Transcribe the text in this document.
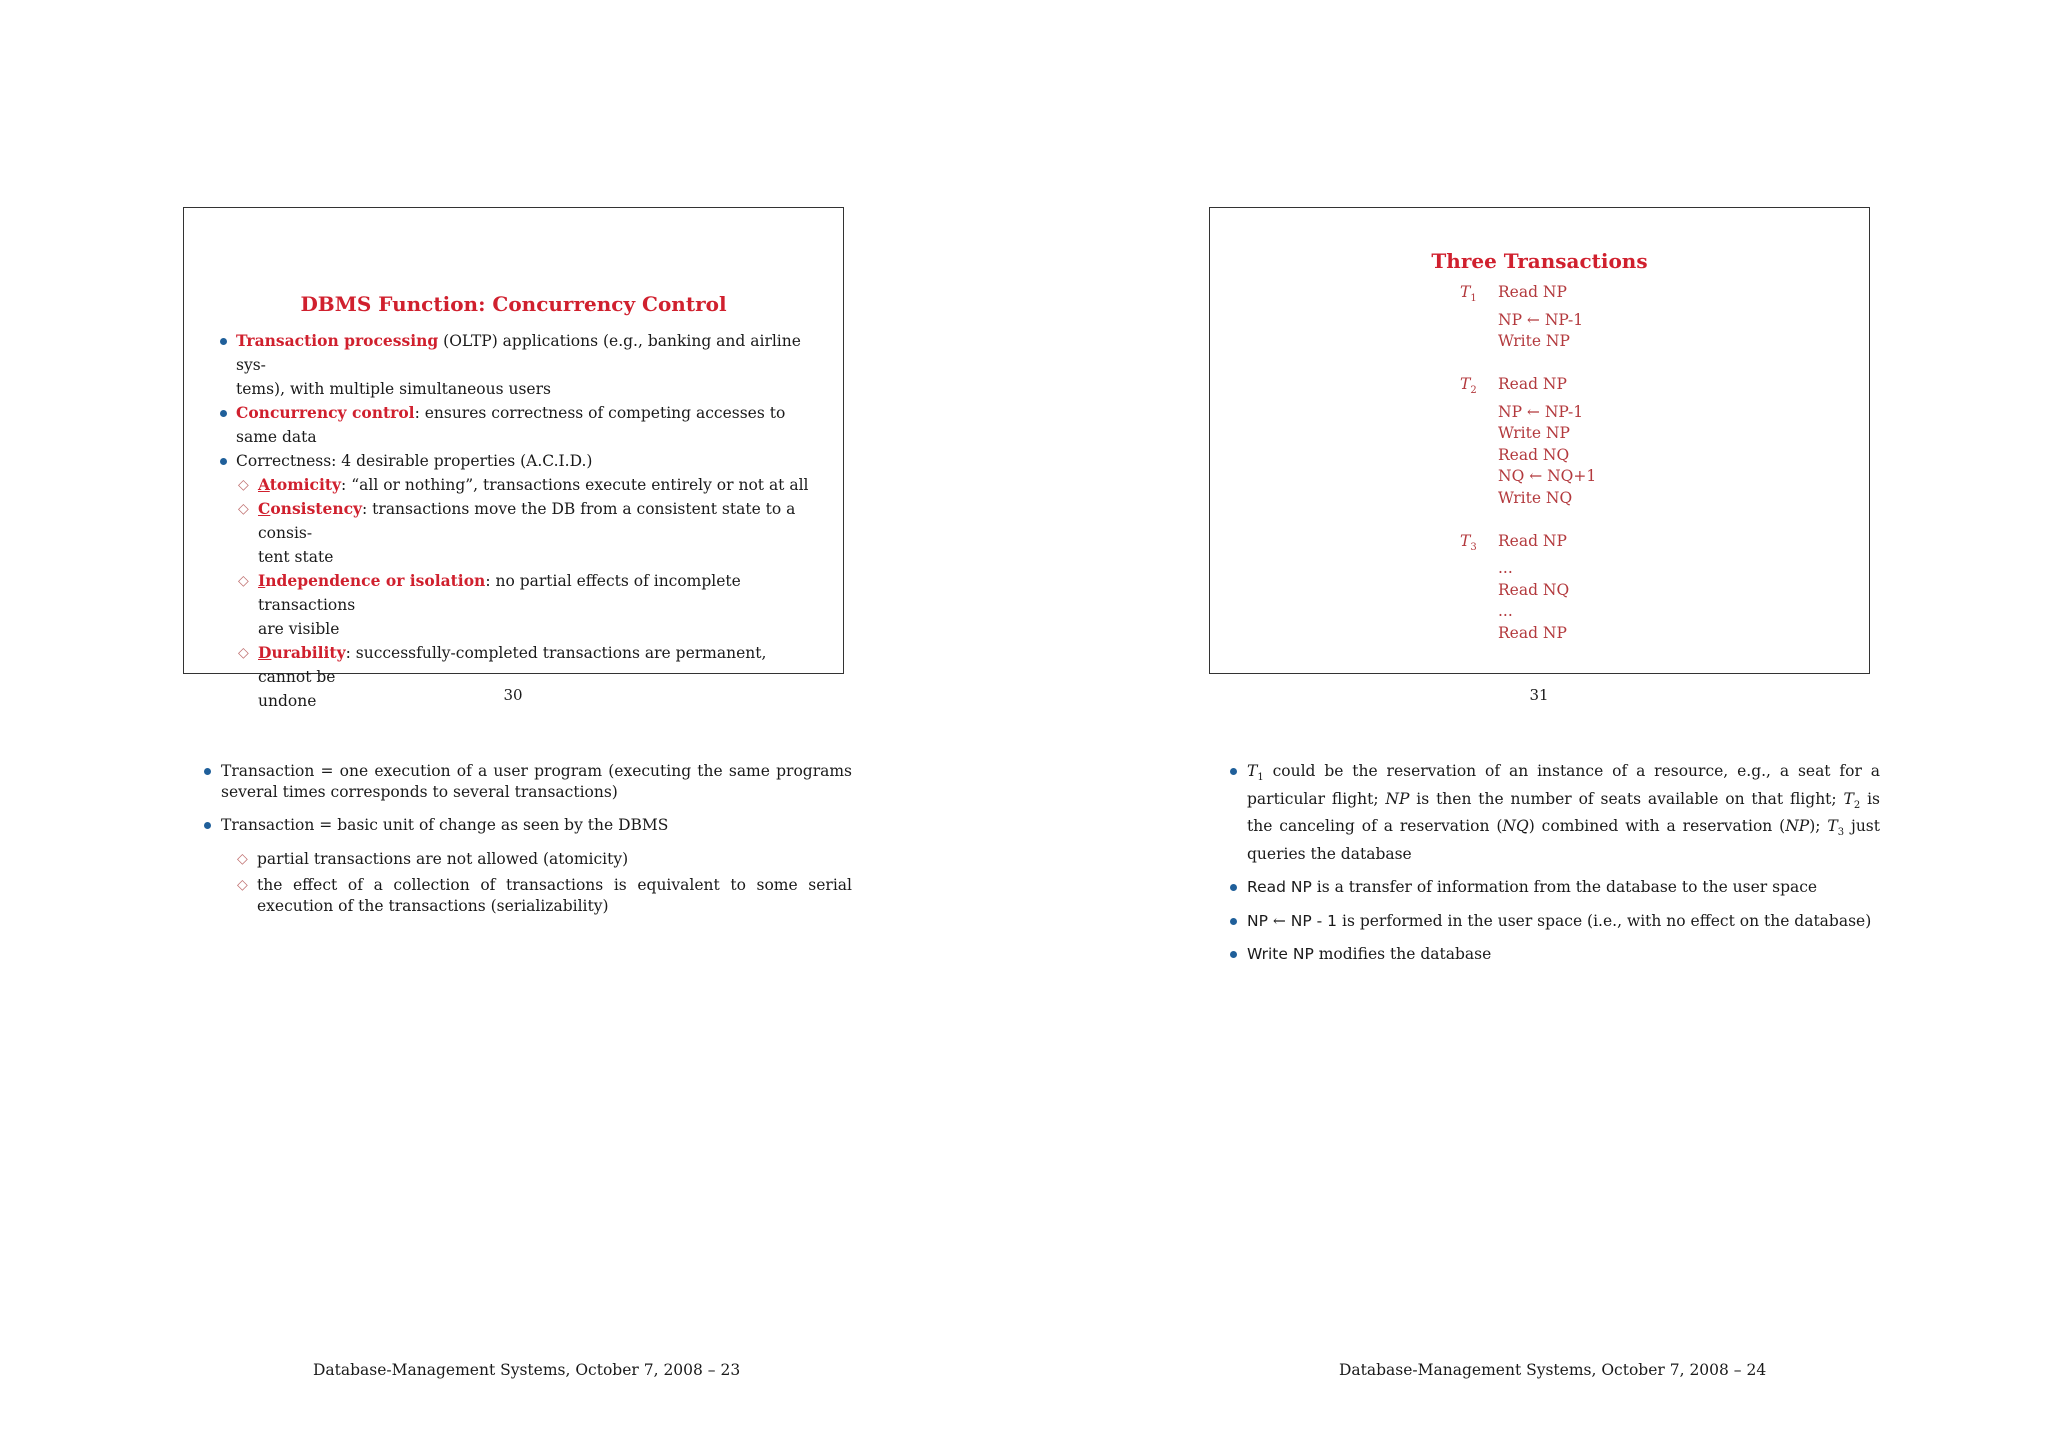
DBMS Function: Concurrency Control
Transaction processing (OLTP) applications (e.g., banking and airline sys-
tems), with multiple simultaneous users
Concurrency control: ensures correctness of competing accesses to same data
Correctness: 4 desirable properties (A.C.I.D.)
◇ Atomicity: “all or nothing”, transactions execute entirely or not at all
◇ Consistency: transactions move the DB from a consistent state to a consis-
tent state
◇ Independence or isolation: no partial effects of incomplete transactions
are visible
◇ Durability: successfully-completed transactions are permanent, cannot be
undone	30
Transaction = one execution of a user program (executing the same programs several times corresponds to several transactions)
Transaction = basic unit of change as seen by the DBMS
◇ partial transactions are not allowed (atomicity)
◇ the effect of a collection of transactions is equivalent to some serial execution of the transactions (serializability)
Database-Management Systems, October 7, 2008 – 23
Three Transactions
$T_1$	Read NP
NP ← NP-1
Write NP
$T_2$	Read NP
NP ← NP-1
Write NP
Read NQ
NQ ← NQ+1
Write NQ
$T_3$	Read NP
...
Read NQ
...
Read NP
31
$T_1$ could be the reservation of an instance of a resource, e.g., a seat for a particular flight; NP is then the number of seats available on that flight; $T_2$ is the canceling of a reservation (NQ) combined with a reservation (NP); $T_3$ just queries the database
Read NP is a transfer of information from the database to the user space
NP ← NP - 1 is performed in the user space (i.e., with no effect on the database)
Write NP modifies the database
Database-Management Systems, October 7, 2008 – 24
